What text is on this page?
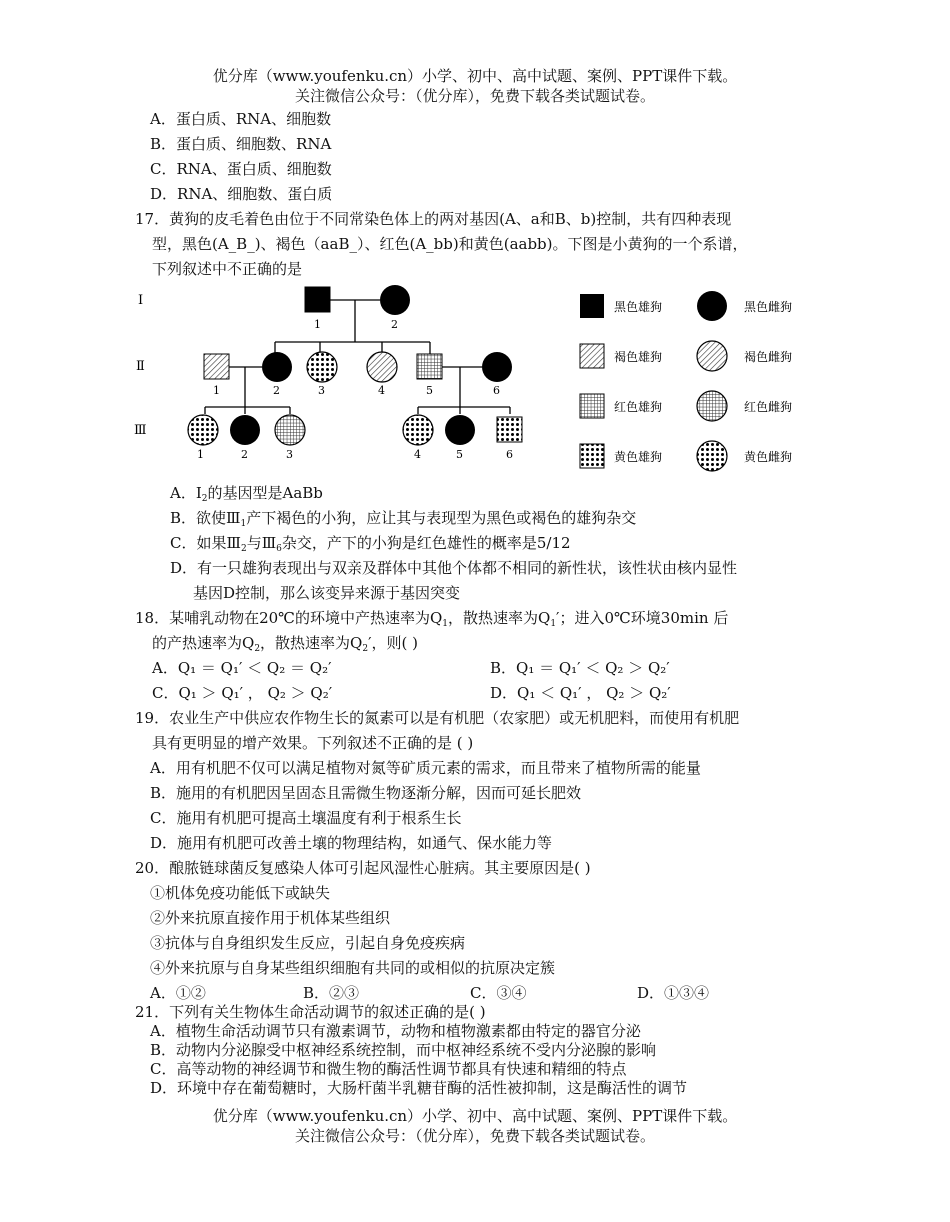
优分库（www.youfenku.cn）小学、初中、高中试题、案例、PPT课件下载。
关注微信公众号：（优分库），免费下载各类试题试卷。
A．蛋白质、RNA、细胞数
B．蛋白质、细胞数、RNA
C．RNA、蛋白质、细胞数
D．RNA、细胞数、蛋白质
17．黄狗的皮毛着色由位于不同常染色体上的两对基因(A、a和B、b)控制，共有四种表现
型，黑色(A_B_)、褐色（aaB_）、红色(A_bb)和黄色(aabb)。下图是小黄狗的一个系谱，
下列叙述中不正确的是
Ⅰ
Ⅱ
Ⅲ
1	2
1	2	3	4	5	6
1	2	3	4	5	6
黑色雄狗	黑色雌狗
褐色雄狗	褐色雌狗
红色雄狗	红色雌狗
黄色雄狗	黄色雌狗
A．$Ⅰ_2$的基因型是AaBb
B．欲使$Ⅲ_1$产下褐色的小狗，应让其与表现型为黑色或褐色的雄狗杂交
C．如果$Ⅲ_2$与$Ⅲ_6$杂交，产下的小狗是红色雄性的概率是5/12
D．有一只雄狗表现出与双亲及群体中其他个体都不相同的新性状，该性状由核内显性
基因D控制，那么该变异来源于基因突变
18．某哺乳动物在20℃的环境中产热速率为$Q_1$，散热速率为$Q_1'$；进入0℃环境30min 后
的产热速率为$Q_2$，散热速率为$Q_2'$，则( )
A．Q₁ ＝ Q₁′ ＜ Q₂ ＝ Q₂′	B．Q₁ ＝ Q₁′ ＜ Q₂ ＞ Q₂′
C．Q₁ ＞ Q₁′ ， Q₂ ＞ Q₂′	D．Q₁ ＜ Q₁′ ， Q₂ ＞ Q₂′
19．农业生产中供应农作物生长的氮素可以是有机肥（农家肥）或无机肥料，而使用有机肥
具有更明显的增产效果。下列叙述不正确的是 ( )
A．用有机肥不仅可以满足植物对氮等矿质元素的需求，而且带来了植物所需的能量
B．施用的有机肥因呈固态且需微生物逐渐分解，因而可延长肥效
C．施用有机肥可提高土壤温度有利于根系生长
D．施用有机肥可改善土壤的物理结构，如通气、保水能力等
20．酿脓链球菌反复感染人体可引起风湿性心脏病。其主要原因是( )
①机体免疫功能低下或缺失
②外来抗原直接作用于机体某些组织
③抗体与自身组织发生反应，引起自身免疫疾病
④外来抗原与自身某些组织细胞有共同的或相似的抗原决定簇
A．①②	B．②③	C．③④	D．①③④
21．下列有关生物体生命活动调节的叙述正确的是( )
A．植物生命活动调节只有激素调节，动物和植物激素都由特定的器官分泌
B．动物内分泌腺受中枢神经系统控制，而中枢神经系统不受内分泌腺的影响
C．高等动物的神经调节和微生物的酶活性调节都具有快速和精细的特点
D．环境中存在葡萄糖时，大肠杆菌半乳糖苷酶的活性被抑制，这是酶活性的调节
优分库（www.youfenku.cn）小学、初中、高中试题、案例、PPT课件下载。
关注微信公众号：（优分库），免费下载各类试题试卷。
